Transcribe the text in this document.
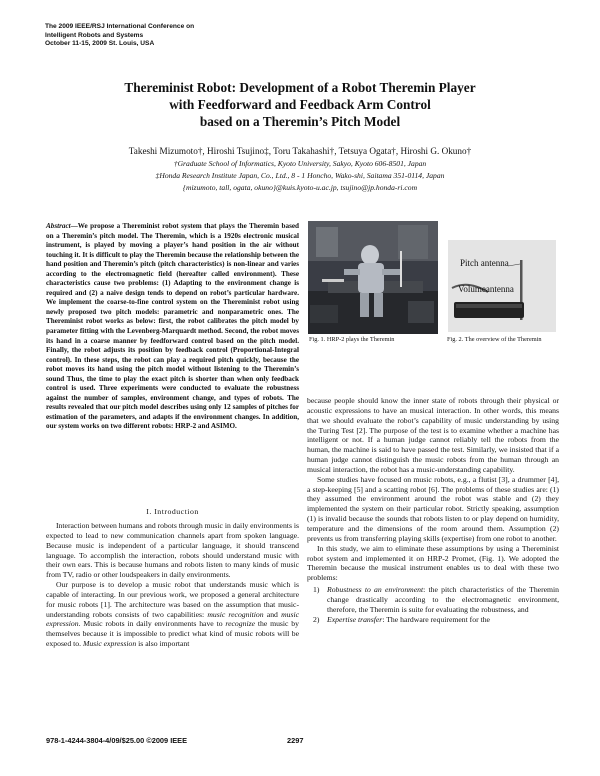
The 2009 IEEE/RSJ International Conference on
Intelligent Robots and Systems
October 11-15, 2009 St. Louis, USA
Thereminist Robot: Development of a Robot Theremin Player
with Feedforward and Feedback Arm Control
based on a Theremin’s Pitch Model
Takeshi Mizumoto†, Hiroshi Tsujino‡, Toru Takahashi†, Tetsuya Ogata†, Hiroshi G. Okuno†
†Graduate School of Informatics, Kyoto University, Sakyo, Kyoto 606-8501, Japan
‡Honda Research Institute Japan, Co., Ltd., 8 - 1 Honcho, Wako-shi, Saitama 351-0114, Japan
{mizumoto, tall, ogata, okuno}@kuis.kyoto-u.ac.jp, tsujino@jp.honda-ri.com
Abstract—We propose a Thereminist robot system that plays the Theremin based on a Theremin’s pitch model. The Theremin, which is a 1920s electronic musical instrument, is played by moving a player’s hand position in the air without touching it. It is difficult to play the Theremin because the relationship between the hand position and Theremin’s pitch (pitch characteristics) is non-linear and varies according to the electromagnetic field (hereafter called environment). These characteristics cause two problems: (1) Adapting to the environment change is required and (2) a naive design tends to depend on robot’s particular hardware. We implement the coarse-to-fine control system on the Thereminist robot using newly proposed two pitch models: parametric and nonparametric ones. The Thereminist robot works as below: first, the robot calibrates the pitch model by parameter fitting with the Levenberg-Marquardt method. Second, the robot moves its hand in a coarse manner by feedforward control based on the pitch model. Finally, the robot adjusts its position by feedback control (Proportional-Integral control). In these steps, the robot can play a required pitch quickly, because the robot moves its hand using the pitch model without listening to the Theremin’s sound Thus, the time to play the exact pitch is shorter than when only feedback control is used. Three experiments were conducted to evaluate the robustness against the number of samples, environment change, and types of robots. The results revealed that our pitch model describes using only 12 samples of pitches for estimation of the parameters, and adapts if the environment changes. In addition, our system works on two different robots: HRP-2 and ASIMO.
I. Introduction

Interaction between humans and robots through music in daily environments is expected to lead to new communication channels apart from spoken language. Because music is independent of a particular language, it should transcend language. To accomplish the interaction, robots should understand music with their own ears. This is because humans and robots listen to many kinds of music from TV, radio or other loudspeakers in daily environments.

Our purpose is to develop a music robot that understands music which is capable of interacting. In our previous work, we proposed a general architecture for music robots [1]. The architecture was based on the assumption that music-understanding robots consists of two capabilities: music recognition and music expression. Music robots in daily environments have to recognize the music by themselves because it is impossible to predict what kind of music robots will be exposed to. Music expression is also important

Fig. 1. HRP-2 plays the Theremin
Pitch antenna
Volumeantenna
Fig. 2. The overview of the Theremin

because people should know the inner state of robots through their physical or acoustic expressions to have an musical interaction. In other words, this means that we should evaluate the robot’s capability of music understanding by using the Turing Test [2]. The purpose of the test is to examine whether a machine has intelligent or not. If a human judge cannot reliably tell the robots from the human, the machine is said to have passed the test. Similarly, we insisted that if a human judge cannot distinguish the music robots from the human through an musical interaction, the robot has a music-understanding capability.

Some studies have focused on music robots, e.g., a flutist [3], a drummer [4], a step-keeping [5] and a scatting robot [6]. The problems of these studies are: (1) they assumed the environment around the robot was stable and (2) they implemented the system on their particular robot. Strictly speaking, assumption (1) is invalid because the sounds that robots listen to or play depend on humidity, temperature and the dimensions of the room around them. Assumption (2) prevents us from transferring playing skills (expertise) from one robot to another.

In this study, we aim to eliminate these assumptions by using a Thereminist robot system and implemented it on HRP-2 Promet, (Fig. 1). We adopted the Theremin because the musical instrument enables us to deal with these two problems:

1) Robustness to an environment: the pitch characteristics of the Theremin change drastically according to the electromagnetic environment, therefore, the Theremin is suite for evaluating the robustness, and
2) Expertise transfer: The hardware requirement for the
978-1-4244-3804-4/09/$25.00 ©2009 IEEE	2297
